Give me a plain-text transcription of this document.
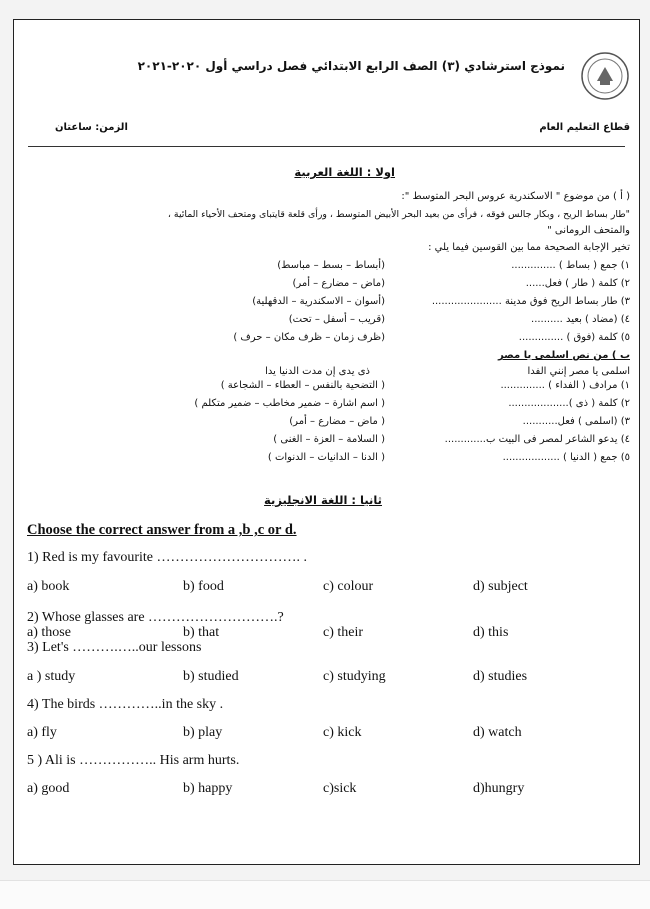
نموذج استرشادي (٣) الصف الرابع الابتدائي فصل دراسي أول ٢٠٢٠-٢٠٢١
قطاع التعليم العام
الزمن: ساعتان
اولا : اللغة العربية
( أ ) من موضوع " الاسكندرية عروس البحر المتوسط ":
"طار بساط الريح ، وبكار جالس فوقه ، فرأى من بعيد البحر الأبيض المتوسط ، ورأى قلعة قايتباى ومتحف الأحياء المائية ،
والمتحف الرومانى "
تخير الإجابة الصحيحة مما بين القوسين فيما يلي :
١) جمع ( بساط ) ..............
(أبساط – بسط – مباسط)
٢) كلمة ( طار ) فعل......
(ماض – مضارع – أمر)
٣) طار بساط الريح فوق مدينة ......................
(أسوان – الاسكندرية – الدقهلية)
٤) (مضاد ) بعيد ..........
(قريب – أسفل – تحت)
٥) كلمة (فوق ) ..............
(ظرف زمان – ظرف مكان – حرف )
ب ) من نص اسلمى يا مصر
اسلمى يا مصر إنني الفدا
ذى يدى إن مدت الدنيا يدا
١) مرادف ( الفداء ) ..............
( التضحية بالنفس – العطاء – الشجاعة )
٢) كلمة ( ذى )...................
( اسم اشارة – ضمير مخاطب – ضمير متكلم )
٣) (اسلمى ) فعل...........
( ماض – مضارع – أمر)
٤) يدعو الشاعر لمصر فى البيت ب.............
( السلامة – العزة – الغنى )
٥) جمع ( الدنيا ) ..................
( الدنا – الدانيات – الدنوات )
ثانيا : اللغة الانجليزية
Choose the correct answer from a ,b ,c or d.
1) Red is my favourite …………………………. .
a) book	b) food	c) colour	d) subject
2) Whose glasses are ……………………….?
a) those	b) that	c) their	d) this
3) Let's ……….…..our lessons
a ) study	b) studied	c) studying	d) studies
4) The birds …………..in the sky .
a) fly	b) play	c) kick	d) watch
5 ) Ali is …………….. His arm hurts.
a) good	b) happy	c)sick	d)hungry
